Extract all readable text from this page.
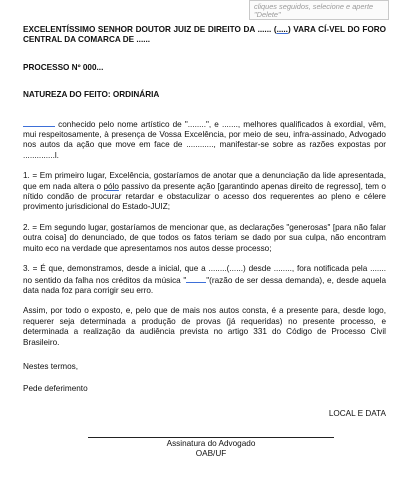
cliques seguidos, selecione e aperte "Delete"
EXCELENTÍSSIMO SENHOR DOUTOR JUIZ DE DIREITO DA ...... (.....) VARA CÍ-VEL DO FORO CENTRAL DA COMARCA DE ......
PROCESSO Nº 000...
NATUREZA DO FEITO: ORDINÁRIA

conhecido pelo nome artístico de "........", e ......., melhores qualificados à exordial, vêm, mui respeitosamente, à presença de Vossa Excelência, por meio de seu, infra-assinado, Advogado nos autos da ação que move em face de ............, manifestar-se sobre as razões expostas por ..............l.

1. = Em primeiro lugar, Excelência, gostaríamos de anotar que a denunciação da lide apresentada, que em nada altera o pólo passivo da presente ação [garantindo apenas direito de regresso], tem o nítido condão de procurar retardar e obstaculizar o acesso dos requerentes ao pleno e célere provimento jurisdicional do Estado-JUIZ;

2. = Em segundo lugar, gostaríamos de mencionar que, as declarações "generosas" [para não falar outra coisa] do denunciado, de que todos os fatos teriam se dado por sua culpa, não encontram muito eco na verdade que apresentamos nos autos desse processo;

3. = É que, demonstramos, desde a inicial, que a ........(......) desde ........, fora notificada pela ....... no sentido da falha nos créditos da música " "(razão de ser dessa demanda), e, desde aquela data nada foz para corrigir seu erro.

Assim, por todo o exposto, e, pelo que de mais nos autos consta, é a presente para, desde logo, requerer seja determinada a produção de provas (já requeridas) no presente processo, e determinada a realização da audiência prevista no artigo 331 do Código de Processo Civil Brasileiro.

Nestes termos,
Pede deferimento
LOCAL E DATA
Assinatura do Advogado
OAB/UF
